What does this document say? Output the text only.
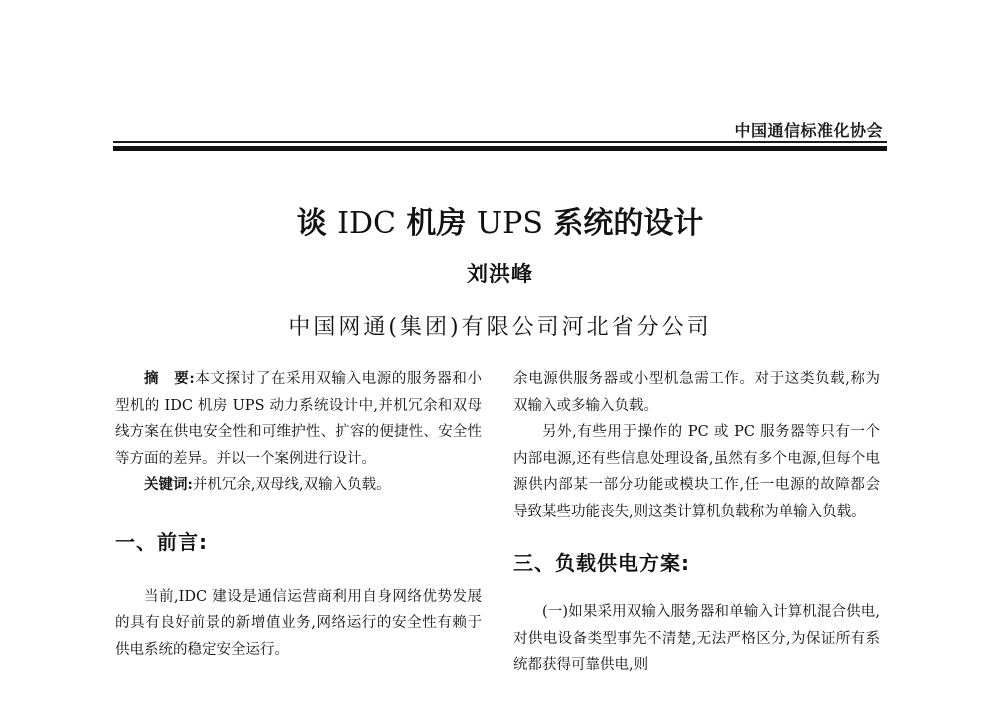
中国通信标准化协会
谈 IDC 机房 UPS 系统的设计
刘洪峰
中国网通(集团)有限公司河北省分公司

摘　要:本文探讨了在采用双输入电源的服务器和小型机的 IDC 机房 UPS 动力系统设计中,并机冗余和双母线方案在供电安全性和可维护性、扩容的便捷性、安全性等方面的差异。并以一个案例进行设计。

关键词:并机冗余,双母线,双输入负载。

一、前言:

当前,IDC 建设是通信运营商利用自身网络优势发展的具有良好前景的新增值业务,网络运行的安全性有赖于供电系统的稳定安全运行。

余电源供服务器或小型机急需工作。对于这类负载,称为双输入或多输入负载。

另外,有些用于操作的 PC 或 PC 服务器等只有一个内部电源,还有些信息处理设备,虽然有多个电源,但每个电源供内部某一部分功能或模块工作,任一电源的故障都会导致某些功能丧失,则这类计算机负载称为单输入负载。

三、负载供电方案:

(一)如果采用双输入服务器和单输入计算机混合供电,对供电设备类型事先不清楚,无法严格区分,为保证所有系统都获得可靠供电,则
